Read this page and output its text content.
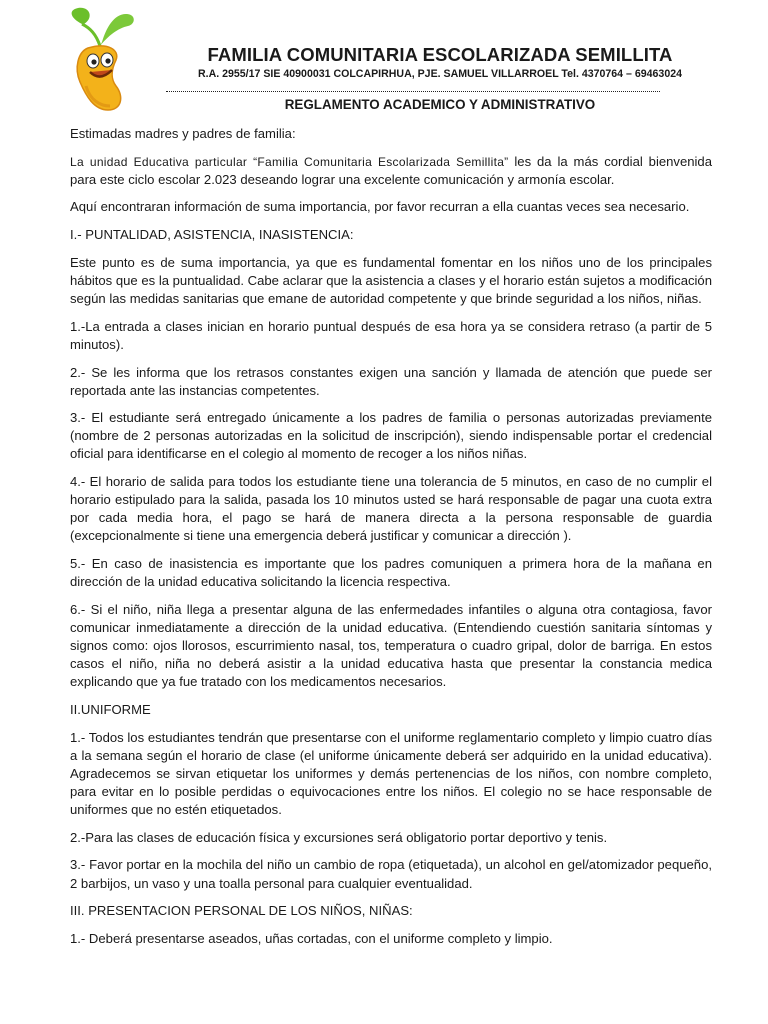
FAMILIA COMUNITARIA ESCOLARIZADA SEMILLITA
R.A. 2955/17 SIE 40900031 COLCAPIRHUA, PJE. SAMUEL VILLARROEL Tel. 4370764 – 69463024
REGLAMENTO ACADEMICO Y ADMINISTRATIVO

Estimadas madres y padres de familia:

La unidad Educativa particular “Familia Comunitaria Escolarizada Semillita” les da la más cordial bienvenida para este ciclo escolar 2.023 deseando lograr una excelente comunicación y armonía escolar.

Aquí encontraran información de suma importancia, por favor recurran a ella cuantas veces sea necesario.

I.- PUNTALIDAD, ASISTENCIA, INASISTENCIA:

Este punto es de suma importancia, ya que es fundamental fomentar en los niños uno de los principales hábitos que es la puntualidad. Cabe aclarar que la asistencia a clases y el horario están sujetos a modificación según las medidas sanitarias que emane de autoridad competente y que brinde seguridad a los niños, niñas.

1.-La entrada a clases inician en horario puntual después de esa hora ya se considera retraso (a partir de 5 minutos).

2.- Se les informa que los retrasos constantes exigen una sanción y llamada de atención que puede ser reportada ante las instancias competentes.

3.- El estudiante será entregado únicamente a los padres de familia o personas autorizadas previamente (nombre de 2 personas autorizadas en la solicitud de inscripción), siendo indispensable portar el credencial oficial para identificarse en el colegio al momento de recoger a los niños niñas.

4.- El horario de salida para todos los estudiante tiene una tolerancia de 5 minutos, en caso de no cumplir el horario estipulado para la salida, pasada los 10 minutos usted se hará responsable de pagar una cuota extra por cada media hora, el pago se hará de manera directa a la persona responsable de guardia (excepcionalmente si tiene una emergencia deberá justificar y comunicar a dirección ).

5.- En caso de inasistencia es importante que los padres comuniquen a primera hora de la mañana en dirección de la unidad educativa solicitando la licencia respectiva.

6.- Si el niño, niña llega a presentar alguna de las enfermedades infantiles o alguna otra contagiosa, favor comunicar inmediatamente a dirección de la unidad educativa. (Entendiendo cuestión sanitaria síntomas y signos como: ojos llorosos, escurrimiento nasal, tos, temperatura o cuadro gripal, dolor de barriga. En estos casos el niño, niña no deberá asistir a la unidad educativa hasta que presentar la constancia medica explicando que ya fue tratado con los medicamentos necesarios.

II.UNIFORME

1.- Todos los estudiantes tendrán que presentarse con el uniforme reglamentario completo y limpio cuatro días a la semana según el horario de clase (el uniforme únicamente deberá ser adquirido en la unidad educativa). Agradecemos se sirvan etiquetar los uniformes y demás pertenencias de los niños, con nombre completo, para evitar en lo posible perdidas o equivocaciones entre los niños. El colegio no se hace responsable de uniformes que no estén etiquetados.

2.-Para las clases de educación física y excursiones será obligatorio portar deportivo y tenis.

3.- Favor portar en la mochila del niño un cambio de ropa (etiquetada), un alcohol en gel/atomizador pequeño, 2 barbijos, un vaso y una toalla personal para cualquier eventualidad.

III. PRESENTACION PERSONAL DE LOS NIÑOS, NIÑAS:

1.- Deberá presentarse aseados, uñas cortadas, con el uniforme completo y limpio.
